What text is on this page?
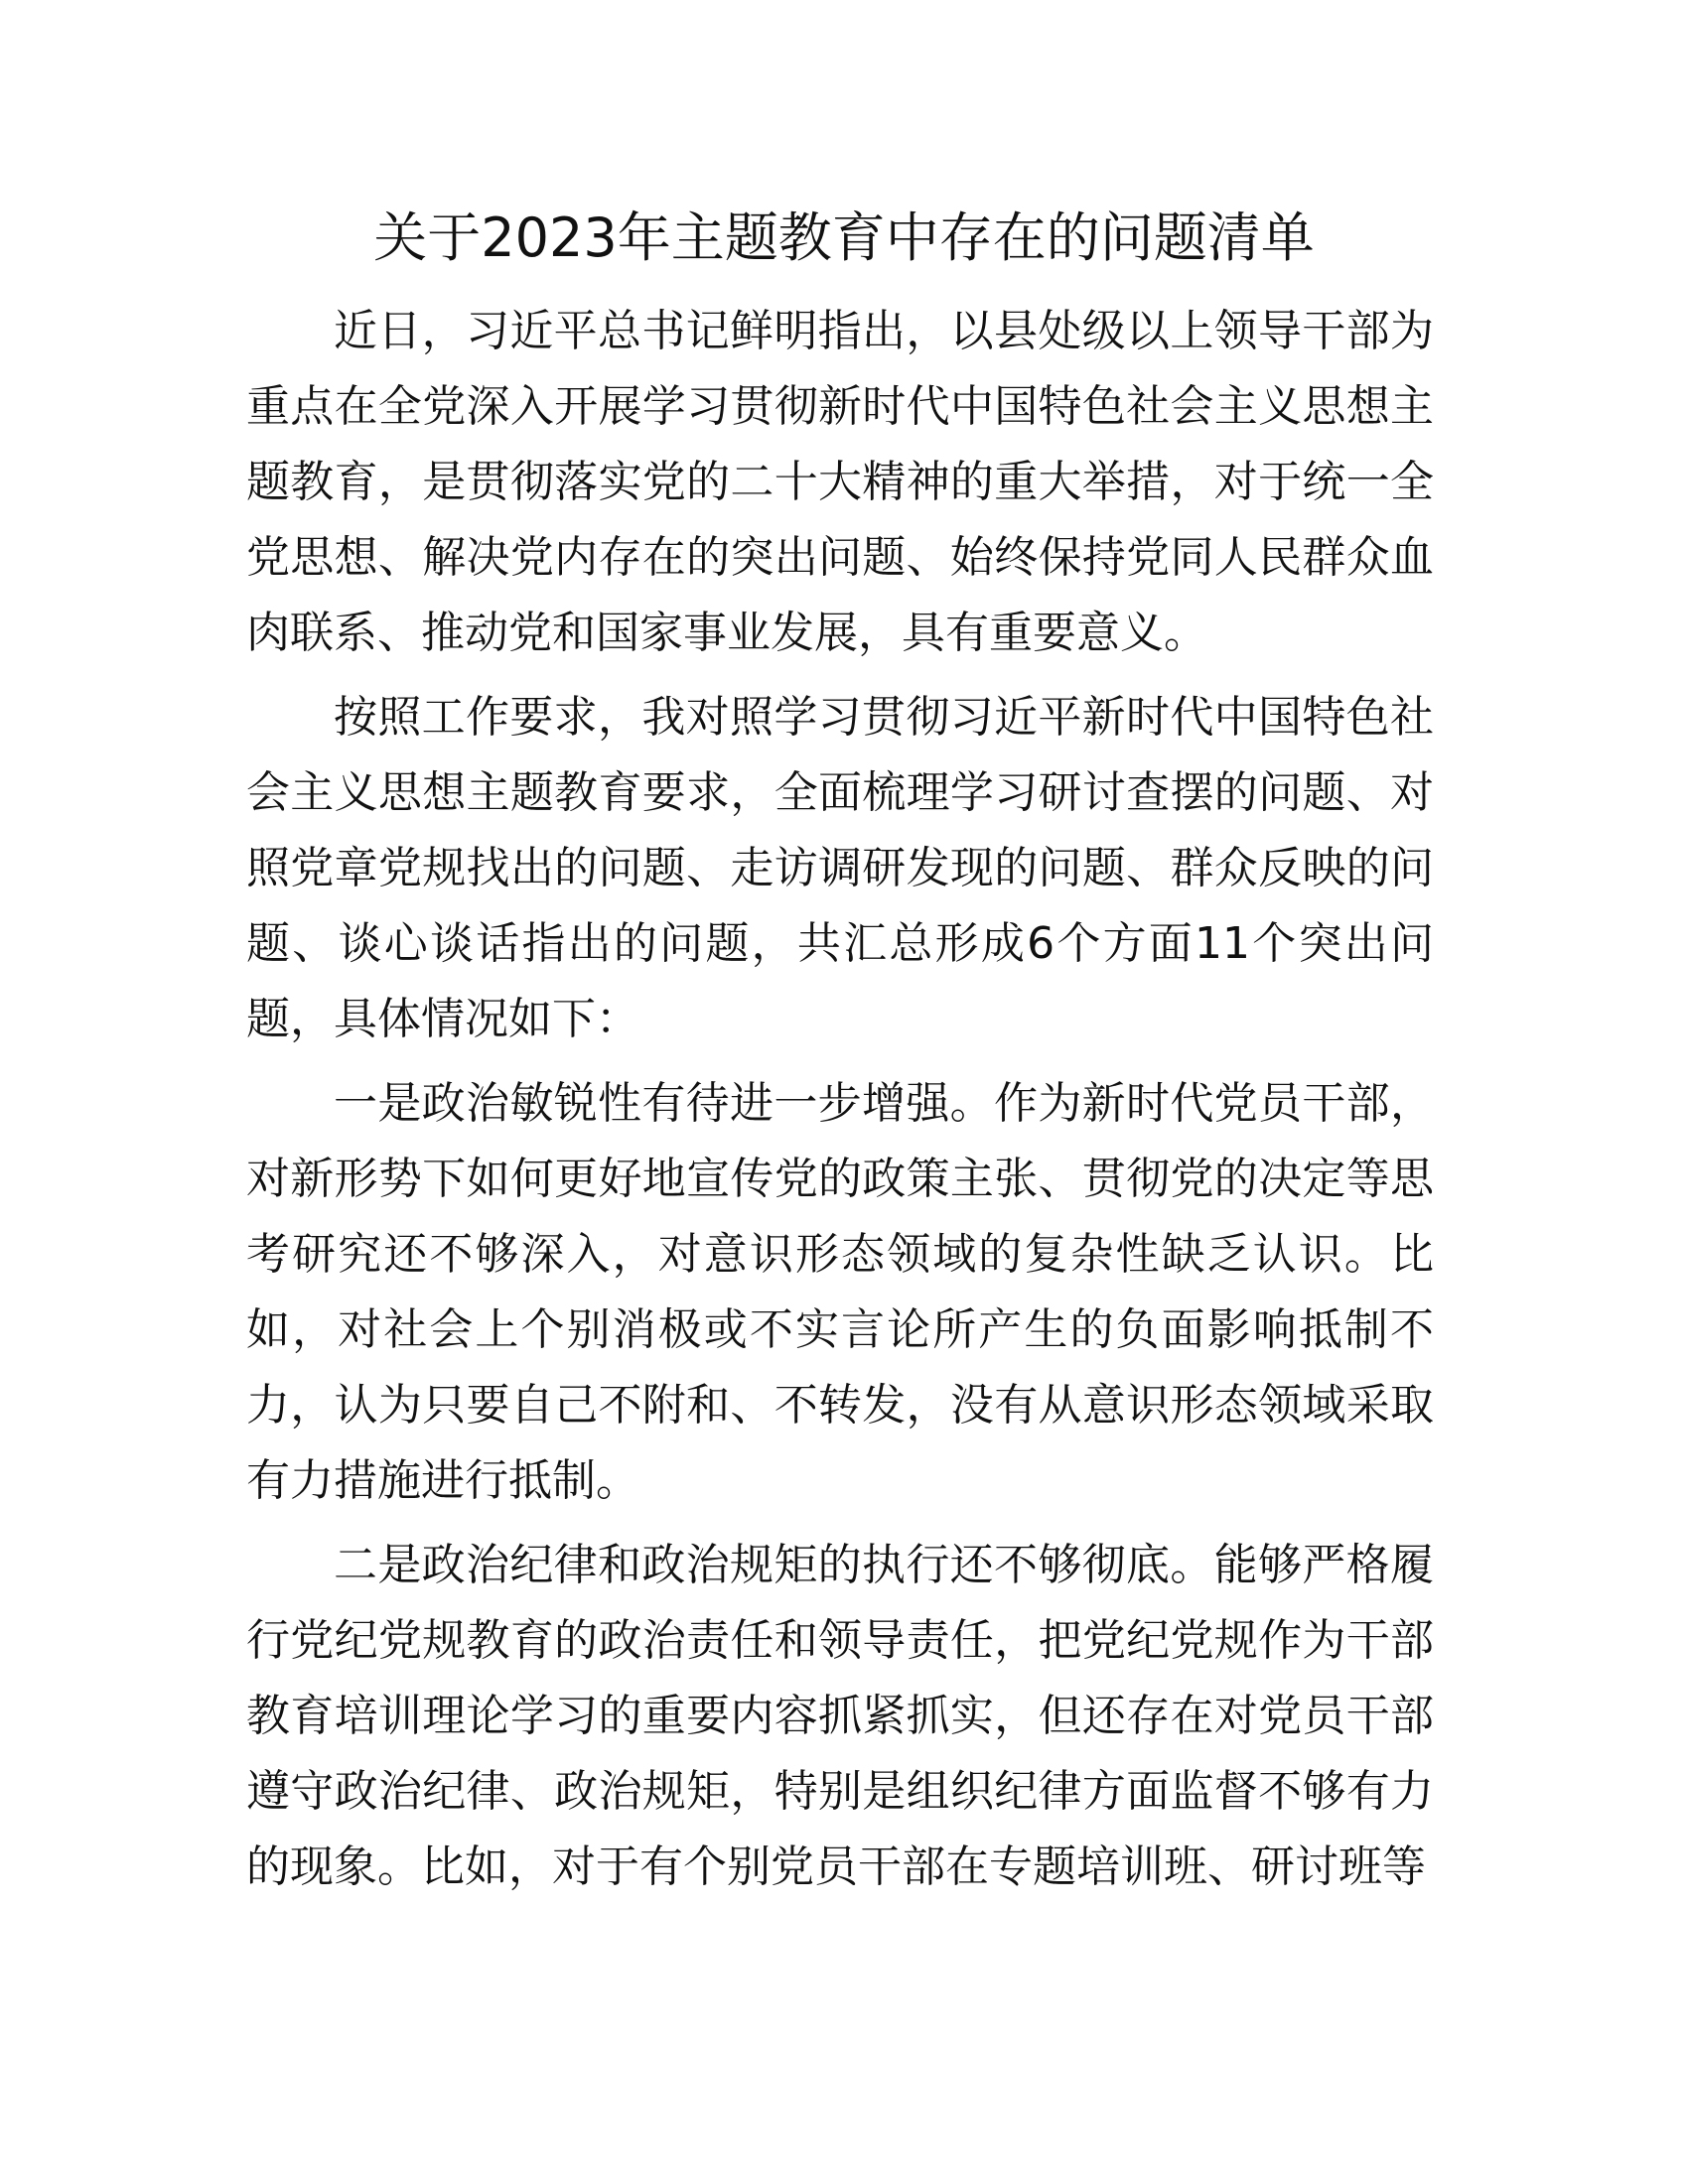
关于2023年主题教育中存在的问题清单

近日，习近平总书记鲜明指出，以县处级以上领导干部为重点在全党深入开展学习贯彻新时代中国特色社会主义思想主题教育，是贯彻落实党的二十大精神的重大举措，对于统一全党思想、解决党内存在的突出问题、始终保持党同人民群众血肉联系、推动党和国家事业发展，具有重要意义。

按照工作要求，我对照学习贯彻习近平新时代中国特色社会主义思想主题教育要求，全面梳理学习研讨查摆的问题、对照党章党规找出的问题、走访调研发现的问题、群众反映的问题、谈心谈话指出的问题，共汇总形成6个方面11个突出问题，具体情况如下：

一是政治敏锐性有待进一步增强。作为新时代党员干部，对新形势下如何更好地宣传党的政策主张、贯彻党的决定等思考研究还不够深入，对意识形态领域的复杂性缺乏认识。比如，对社会上个别消极或不实言论所产生的负面影响抵制不力，认为只要自己不附和、不转发，没有从意识形态领域采取有力措施进行抵制。

二是政治纪律和政治规矩的执行还不够彻底。能够严格履行党纪党规教育的政治责任和领导责任，把党纪党规作为干部教育培训理论学习的重要内容抓紧抓实，但还存在对党员干部遵守政治纪律、政治规矩，特别是组织纪律方面监督不够有力的现象。比如，对于有个别党员干部在专题培训班、研讨班等
